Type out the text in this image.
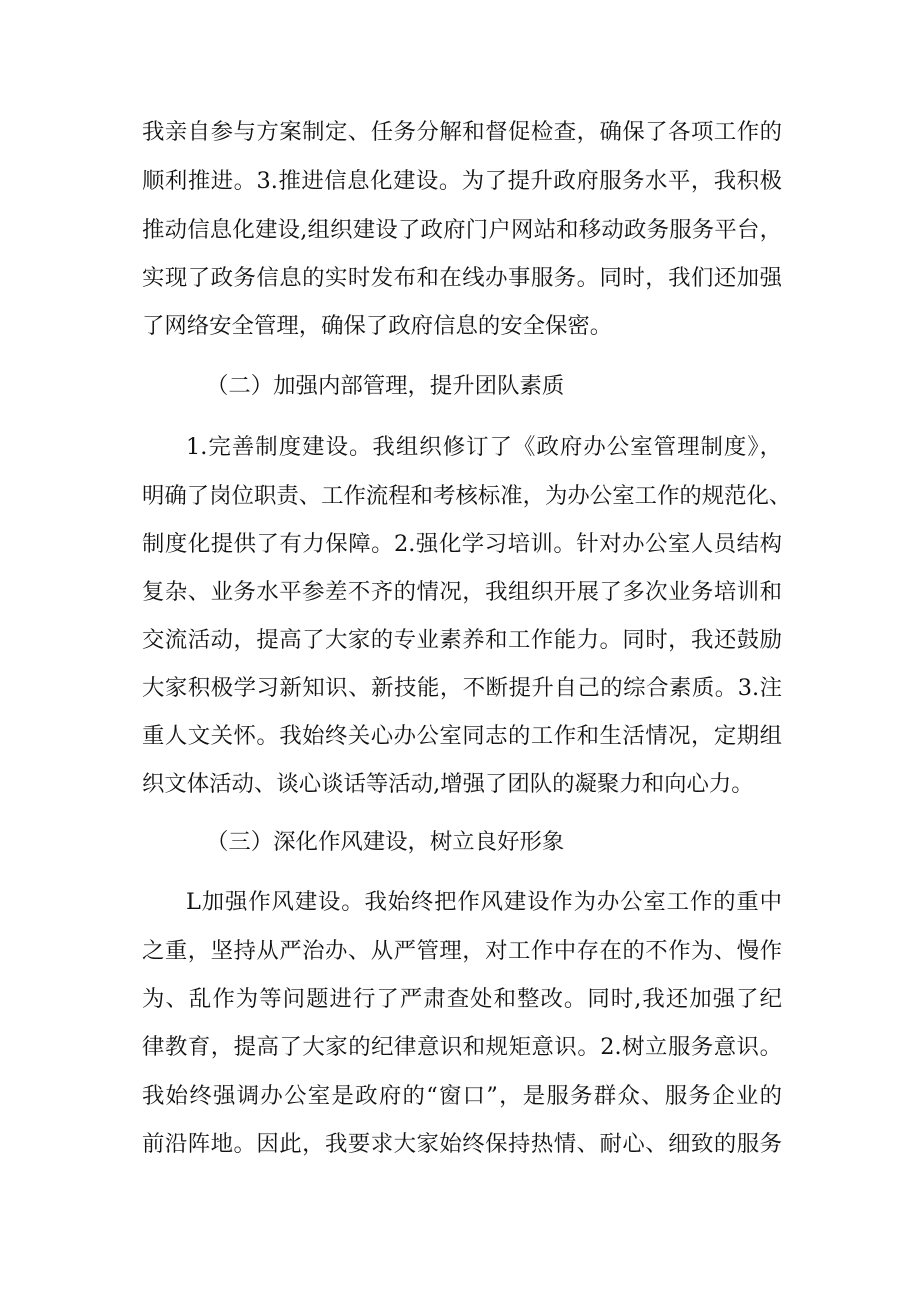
我亲自参与方案制定、任务分解和督促检查，确保了各项工作的
顺利推进。3.推进信息化建设。为了提升政府服务水平，我积极
推动信息化建设,组织建设了政府门户网站和移动政务服务平台，
实现了政务信息的实时发布和在线办事服务。同时，我们还加强
了网络安全管理，确保了政府信息的安全保密。
（二）加强内部管理，提升团队素质
1.完善制度建设。我组织修订了《政府办公室管理制度》，
明确了岗位职责、工作流程和考核标准，为办公室工作的规范化、
制度化提供了有力保障。2.强化学习培训。针对办公室人员结构
复杂、业务水平参差不齐的情况，我组织开展了多次业务培训和
交流活动，提高了大家的专业素养和工作能力。同时，我还鼓励
大家积极学习新知识、新技能，不断提升自己的综合素质。3.注
重人文关怀。我始终关心办公室同志的工作和生活情况，定期组
织文体活动、谈心谈话等活动,增强了团队的凝聚力和向心力。
（三）深化作风建设，树立良好形象
L加强作风建设。我始终把作风建设作为办公室工作的重中
之重，坚持从严治办、从严管理，对工作中存在的不作为、慢作
为、乱作为等问题进行了严肃查处和整改。同时,我还加强了纪
律教育，提高了大家的纪律意识和规矩意识。2.树立服务意识。
我始终强调办公室是政府的“窗口”，是服务群众、服务企业的
前沿阵地。因此，我要求大家始终保持热情、耐心、细致的服务
